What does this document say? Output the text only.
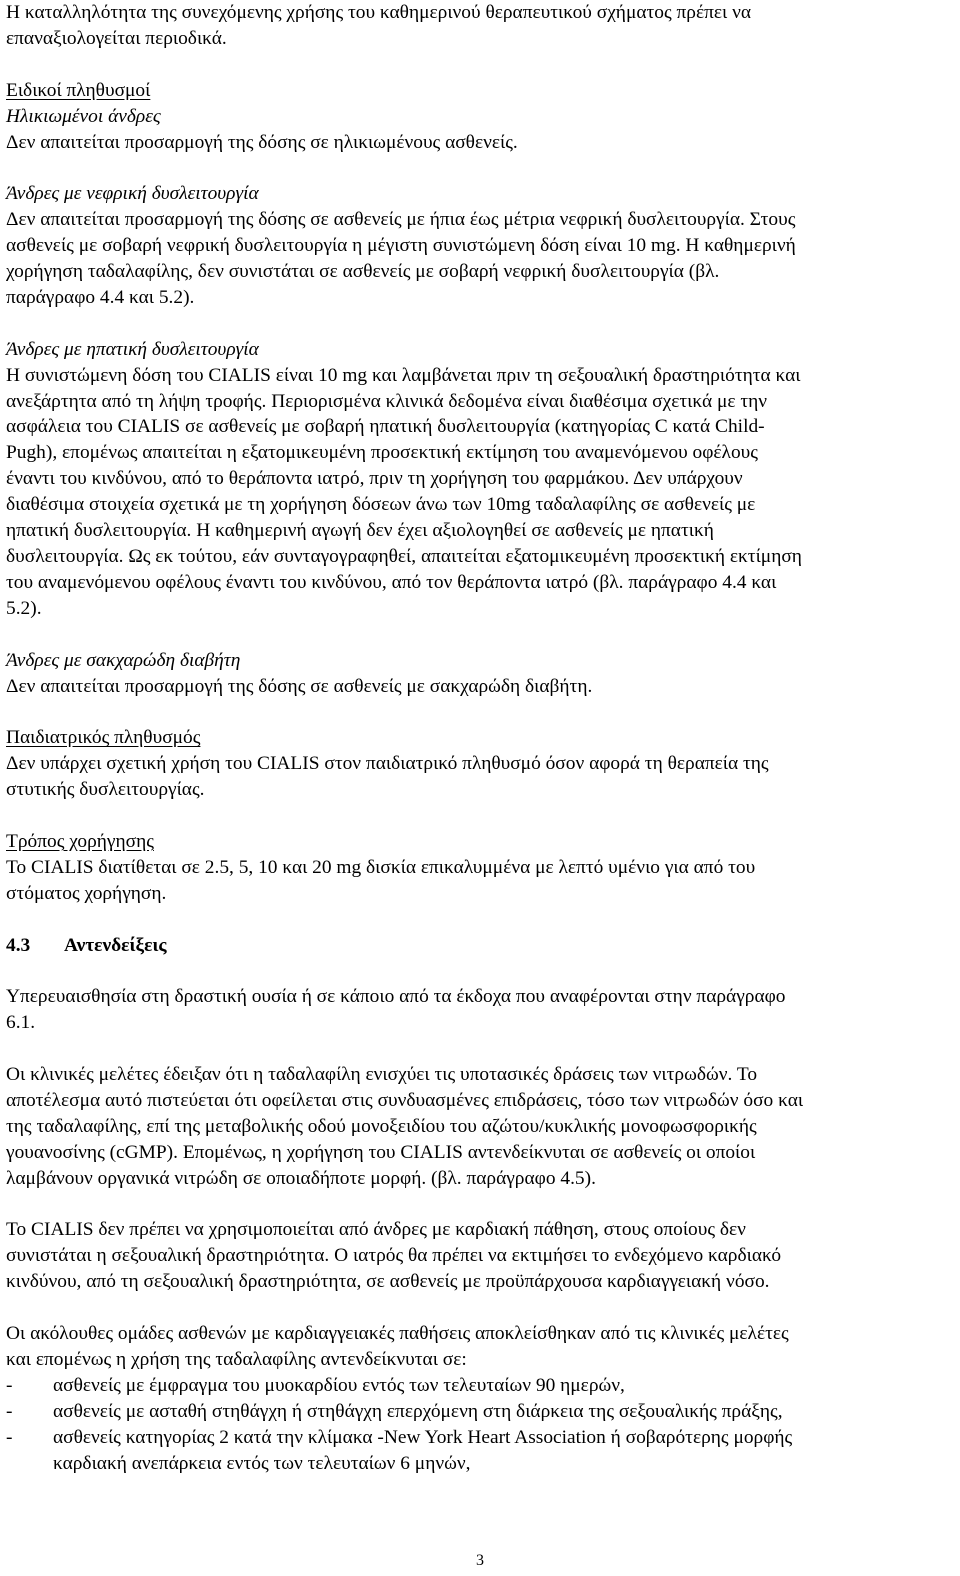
Η καταλληλότητα της συνεχόμενης χρήσης του καθημερινού θεραπευτικού σχήματος πρέπει να
επαναξιολογείται περιοδικά.
Ειδικοί πληθυσμοί
Ηλικιωμένοι άνδρες
Δεν απαιτείται προσαρμογή της δόσης σε ηλικιωμένους ασθενείς.
Άνδρες με νεφρική δυσλειτουργία
Δεν απαιτείται προσαρμογή της δόσης σε ασθενείς με ήπια έως μέτρια νεφρική δυσλειτουργία. Στους
ασθενείς με σοβαρή νεφρική δυσλειτουργία η μέγιστη συνιστώμενη δόση είναι 10 mg. Η καθημερινή
χορήγηση ταδαλαφίλης, δεν συνιστάται σε ασθενείς με σοβαρή νεφρική δυσλειτουργία (βλ.
παράγραφο 4.4 και 5.2).
Άνδρες με ηπατική δυσλειτουργία
Η συνιστώμενη δόση του CIALIS είναι 10 mg και λαμβάνεται πριν τη σεξουαλική δραστηριότητα και
ανεξάρτητα από τη λήψη τροφής. Περιορισμένα κλινικά δεδομένα είναι διαθέσιμα σχετικά με την
ασφάλεια του CIALIS σε ασθενείς με σοβαρή ηπατική δυσλειτουργία (κατηγορίας C κατά Child-
Pugh), επομένως απαιτείται η εξατομικευμένη προσεκτική εκτίμηση του αναμενόμενου οφέλους
έναντι του κινδύνου, από το θεράποντα ιατρό, πριν τη χορήγηση του φαρμάκου. Δεν υπάρχουν
διαθέσιμα στοιχεία σχετικά με τη χορήγηση δόσεων άνω των 10mg ταδαλαφίλης σε ασθενείς με
ηπατική δυσλειτουργία. Η καθημερινή αγωγή δεν έχει αξιολογηθεί σε ασθενείς με ηπατική
δυσλειτουργία. Ως εκ τούτου, εάν συνταγογραφηθεί, απαιτείται εξατομικευμένη προσεκτική εκτίμηση
του αναμενόμενου οφέλους έναντι του κινδύνου, από τον θεράποντα ιατρό (βλ. παράγραφο 4.4 και
5.2).
Άνδρες με σακχαρώδη διαβήτη
Δεν απαιτείται προσαρμογή της δόσης σε ασθενείς με σακχαρώδη διαβήτη.
Παιδιατρικός πληθυσμός
Δεν υπάρχει σχετική χρήση του CIALIS στον παιδιατρικό πληθυσμό όσον αφορά τη θεραπεία της
στυτικής δυσλειτουργίας.
Τρόπος χορήγησης
Το CIALIS διατίθεται σε 2.5, 5, 10 και 20 mg δισκία επικαλυμμένα με λεπτό υμένιο για από του
στόματος χορήγηση.
4.3 Αντενδείξεις
Υπερευαισθησία στη δραστική ουσία ή σε κάποιο από τα έκδοχα που αναφέρονται στην παράγραφο
6.1.
Οι κλινικές μελέτες έδειξαν ότι η ταδαλαφίλη ενισχύει τις υποτασικές δράσεις των νιτρωδών. Το
αποτέλεσμα αυτό πιστεύεται ότι οφείλεται στις συνδυασμένες επιδράσεις, τόσο των νιτρωδών όσο και
της ταδαλαφίλης, επί της μεταβολικής οδού μονοξειδίου του αζώτου/κυκλικής μονοφωσφορικής
γουανοσίνης (cGMP). Επομένως, η χορήγηση του CIALIS αντενδείκνυται σε ασθενείς οι οποίοι
λαμβάνουν οργανικά νιτρώδη σε οποιαδήποτε μορφή. (βλ. παράγραφο 4.5).
Το CIALIS δεν πρέπει να χρησιμοποιείται από άνδρες με καρδιακή πάθηση, στους οποίους δεν
συνιστάται η σεξουαλική δραστηριότητα. Ο ιατρός θα πρέπει να εκτιμήσει το ενδεχόμενο καρδιακό
κινδύνου, από τη σεξουαλική δραστηριότητα, σε ασθενείς με προϋπάρχουσα καρδιαγγειακή νόσο.
Οι ακόλουθες ομάδες ασθενών με καρδιαγγειακές παθήσεις αποκλείσθηκαν από τις κλινικές μελέτες
και επομένως η χρήση της ταδαλαφίλης αντενδείκνυται σε:
- ασθενείς με έμφραγμα του μυοκαρδίου εντός των τελευταίων 90 ημερών,
- ασθενείς με ασταθή στηθάγχη ή στηθάγχη επερχόμενη στη διάρκεια της σεξουαλικής πράξης,
- ασθενείς κατηγορίας 2 κατά την κλίμακα -New York Heart Association ή σοβαρότερης μορφής
καρδιακή ανεπάρκεια εντός των τελευταίων 6 μηνών,
3
